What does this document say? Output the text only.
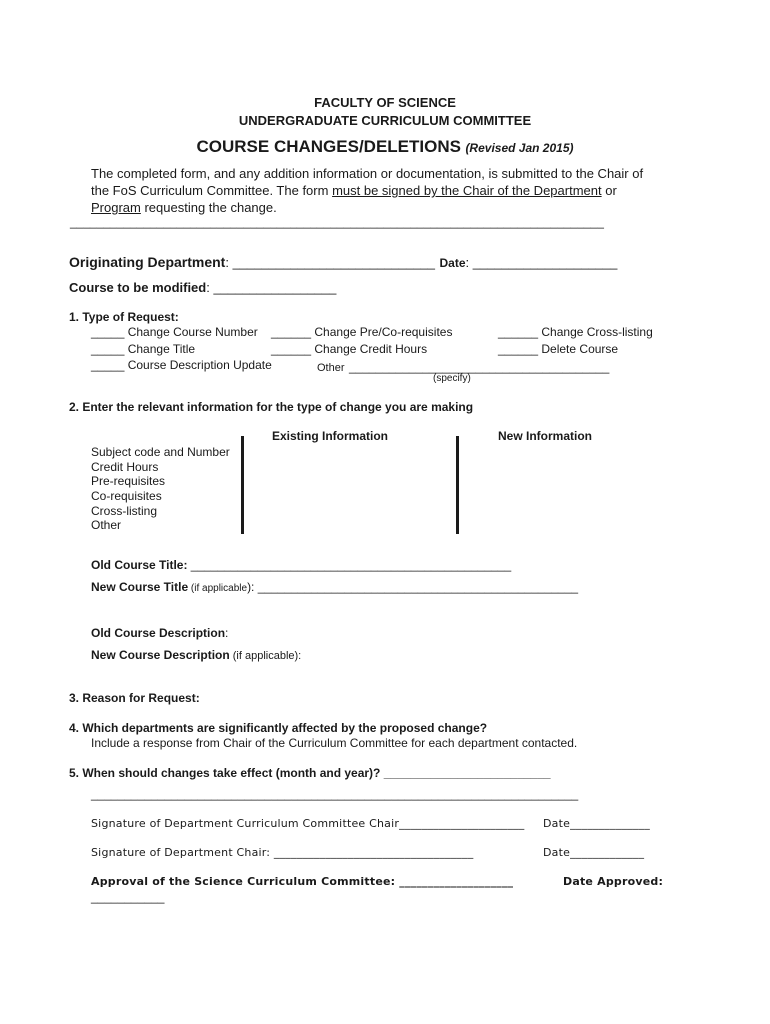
FACULTY OF SCIENCE
UNDERGRADUATE CURRICULUM COMMITTEE
COURSE CHANGES/DELETIONS (Revised Jan 2015)
The completed form, and any addition information or documentation, is submitted to the Chair of
the FoS Curriculum Committee. The form must be signed by the Chair of the Department or
Program requesting the change.
________________________________________________________________________________
Originating Department: ____________________________ Date: ____________________
Course to be modified: _________________
1. Type of Request:
_____ Change Course Number ______ Change Pre/Co-requisites	______ Change Cross-listing
_____ Change Title	______ Change Credit Hours	______ Delete Course
_____ Course Description Update	Other _______________________________________
(specify)
2. Enter the relevant information for the type of change you are making
Existing Information	New Information
Subject code and Number
Credit Hours
Pre-requisites
Co-requisites
Cross-listing
Other
Old Course Title: ________________________________________________
New Course Title (if applicable): ________________________________________________
Old Course Description:
New Course Description (if applicable):
3. Reason for Request:
4. Which departments are significantly affected by the proposed change?
Include a response from Chair of the Curriculum Committee for each department contacted.
5. When should changes take effect (month and year)? _________________________
_________________________________________________________________________
Signature of Department Curriculum Committee Chair______________________ Date______________
Signature of Department Chair: ___________________________________	Date_____________
Approval of the Science Curriculum Committee: ____________________	Date Approved:
___________
